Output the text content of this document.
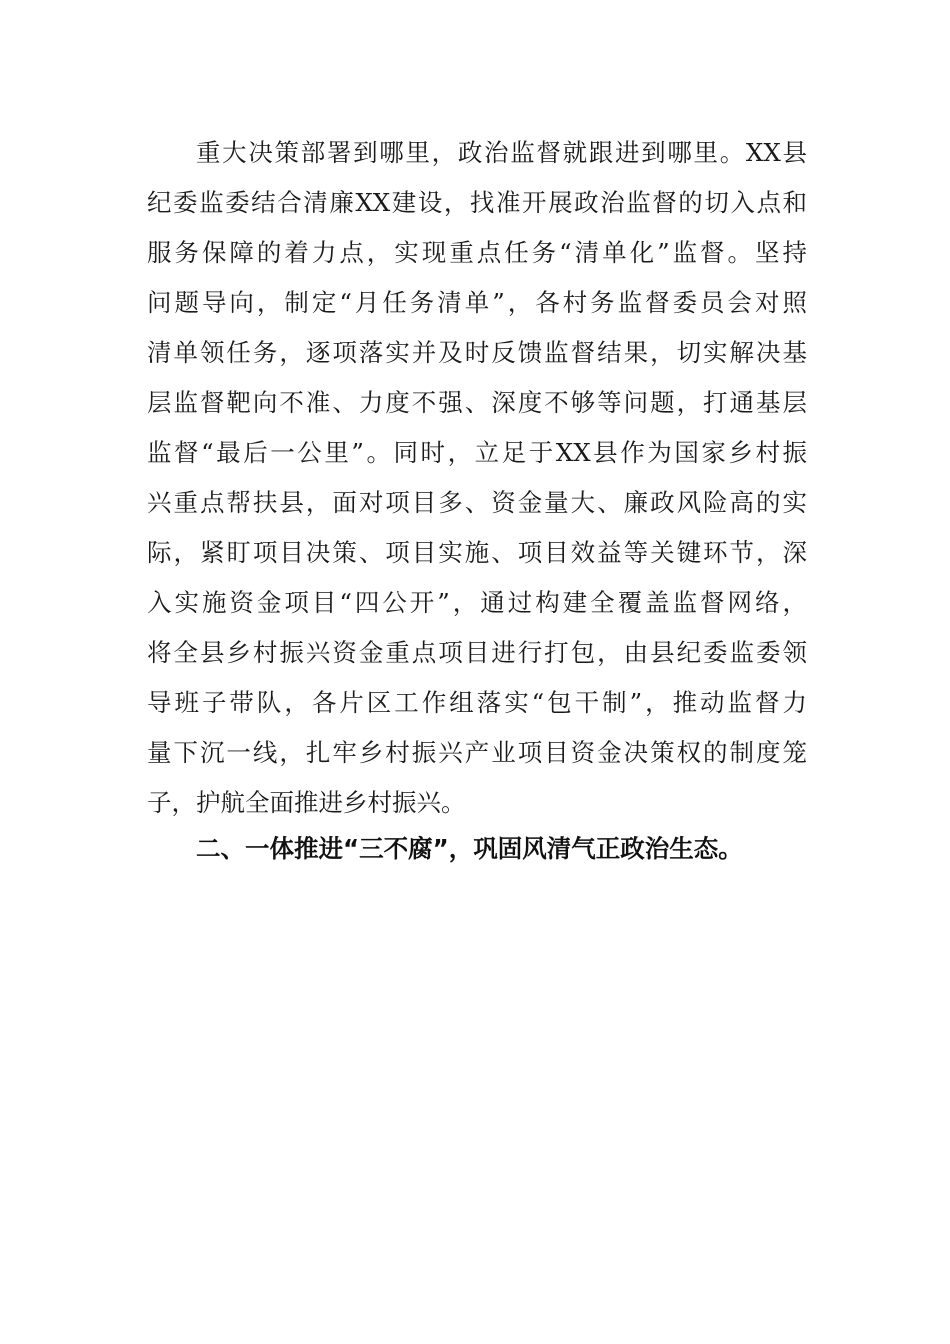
重大决策部署到哪里，政治监督就跟进到哪里。XX县

纪委监委结合清廉XX建设，找准开展政治监督的切入点和

服务保障的着力点，实现重点任务“清单化”监督。坚持

问题导向，制定“月任务清单”，各村务监督委员会对照

清单领任务，逐项落实并及时反馈监督结果，切实解决基

层监督靶向不准、力度不强、深度不够等问题，打通基层

监督“最后一公里”。同时，立足于XX县作为国家乡村振

兴重点帮扶县，面对项目多、资金量大、廉政风险高的实

际，紧盯项目决策、项目实施、项目效益等关键环节，深

入实施资金项目“四公开”，通过构建全覆盖监督网络，

将全县乡村振兴资金重点项目进行打包，由县纪委监委领

导班子带队，各片区工作组落实“包干制”，推动监督力

量下沉一线，扎牢乡村振兴产业项目资金决策权的制度笼

子，护航全面推进乡村振兴。

二、一体推进“三不腐”，巩固风清气正政治生态。
